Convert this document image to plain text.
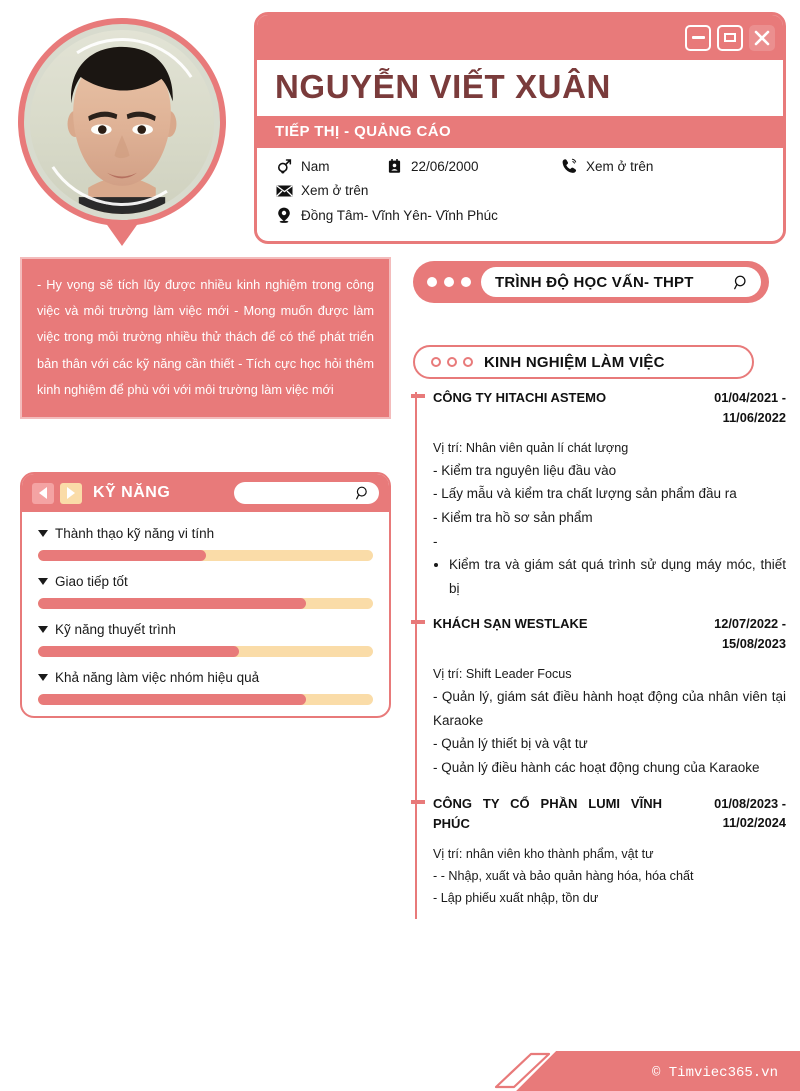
NGUYỄN VIẾT XUÂN
TIẾP THỊ - QUẢNG CÁO
Nam	22/06/2000	Xem ở trên
Xem ở trên
Đồng Tâm- Vĩnh Yên- Vĩnh Phúc

- Hy vọng sẽ tích lũy được nhiều kinh nghiệm trong công việc và môi trường làm việc mới - Mong muốn được làm việc trong môi trường nhiều thử thách để có thể phát triển bản thân với các kỹ năng cần thiết - Tích cực học hỏi thêm kinh nghiệm để phù với với môi trường làm việc mới

KỸ NĂNG
Thành thạo kỹ năng vi tính
Giao tiếp tốt
Kỹ năng thuyết trình
Khả năng làm việc nhóm hiệu quả
TRÌNH ĐỘ HỌC VẤN- THPT
KINH NGHIỆM LÀM VIỆC
CÔNG TY HITACHI ASTEMO	01/04/2021 - 11/06/2022
Vị trí: Nhân viên quản lí chát lượng
- Kiểm tra nguyên liệu đầu vào
- Lấy mẫu và kiểm tra chất lượng sản phẩm đầu ra
- Kiểm tra hồ sơ sản phẩm
-
Kiểm tra và giám sát quá trình sử dụng máy móc, thiết bị
KHÁCH SẠN WESTLAKE	12/07/2022 - 15/08/2023
Vị trí: Shift Leader Focus
- Quản lý, giám sát điều hành hoạt động của nhân viên tại Karaoke
- Quản lý thiết bị và vật tư
- Quản lý điều hành các hoạt động chung của Karaoke
CÔNG TY CỔ PHẦN LUMI VĨNH PHÚC
01/08/2023 - 11/02/2024
Vị trí: nhân viên kho thành phẩm, vật tư
- - Nhập, xuất và bảo quản hàng hóa, hóa chất
- Lập phiếu xuất nhập, tồn dư
© Timviec365.vn
